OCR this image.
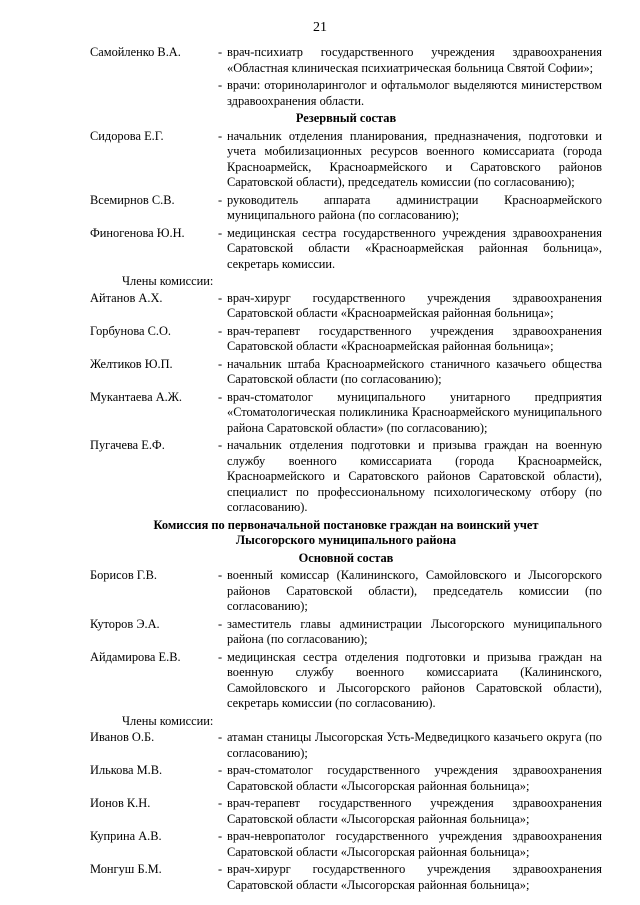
21
Самойленко В.А.	- врач-психиатр государственного учреждения здравоохранения «Областная клиническая психиатрическая больница Святой Софии»;
- врачи: оториноларинголог и офтальмолог выделяются министерством здравоохранения области.
Резервный состав
Сидорова Е.Г.	- начальник отделения планирования, предназначения, подготовки и учета мобилизационных ресурсов военного комиссариата (города Красноармейск, Красноармейского и Саратовского районов Саратовской области), председатель комиссии (по согласованию);
Всемирнов С.В.	- руководитель аппарата администрации Красноармейского муниципального района (по согласованию);
Финогенова Ю.Н.	- медицинская сестра государственного учреждения здравоохранения Саратовской области «Красноармейская районная больница», секретарь комиссии.
Члены комиссии:
Айтанов А.Х.	- врач-хирург государственного учреждения здравоохранения Саратовской области «Красноармейская районная больница»;
Горбунова С.О.	- врач-терапевт государственного учреждения здравоохранения Саратовской области «Красноармейская районная больница»;
Желтиков Ю.П.	- начальник штаба Красноармейского станичного казачьего общества Саратовской области (по согласованию);
Мукантаева А.Ж.	- врач-стоматолог муниципального унитарного предприятия «Стоматологическая поликлиника Красноармейского муниципального района Саратовской области» (по согласованию);
Пугачева Е.Ф.	- начальник отделения подготовки и призыва граждан на военную службу военного комиссариата (города Красноармейск, Красноармейского и Саратовского районов Саратовской области), специалист по профессиональному психологическому отбору (по согласованию).
Комиссия по первоначальной постановке граждан на воинский учет
Лысогорского муниципального района
Основной состав
Борисов Г.В.	- военный комиссар (Калининского, Самойловского и Лысогорского районов Саратовской области), председатель комиссии (по согласованию);
Куторов Э.А.	- заместитель главы администрации Лысогорского муниципального района (по согласованию);
Айдамирова Е.В.	- медицинская сестра отделения подготовки и призыва граждан на военную службу военного комиссариата (Калининского, Самойловского и Лысогорского районов Саратовской области), секретарь комиссии (по согласованию).
Члены комиссии:
Иванов О.Б.	- атаман станицы Лысогорская Усть-Медведицкого казачьего округа (по согласованию);
Илькова М.В.	- врач-стоматолог государственного учреждения здравоохранения Саратовской области «Лысогорская районная больница»;
Ионов К.Н.	- врач-терапевт государственного учреждения здравоохранения Саратовской области «Лысогорская районная больница»;
Куприна А.В.	- врач-невропатолог государственного учреждения здравоохранения Саратовской области «Лысогорская районная больница»;
Монгуш Б.М.	- врач-хирург государственного учреждения здравоохранения Саратовской области «Лысогорская районная больница»;
